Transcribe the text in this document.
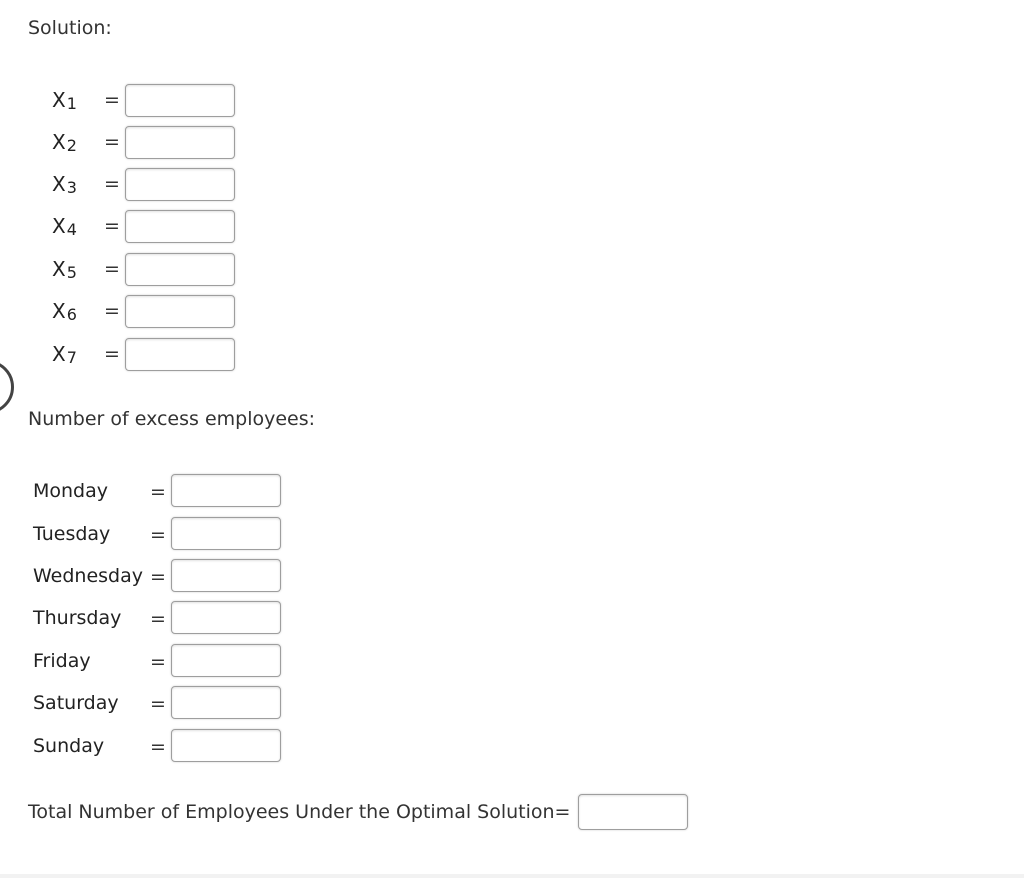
Solution:
$X_1$ =
$X_2$ =
$X_3$ =
$X_4$ =
$X_5$ =
$X_6$ =
$X_7$ =
Number of excess employees:
Monday =
Tuesday =
Wednesday =
Thursday =
Friday	=
Saturday =
Sunday =
Total Number of Employees Under the Optimal Solution=
